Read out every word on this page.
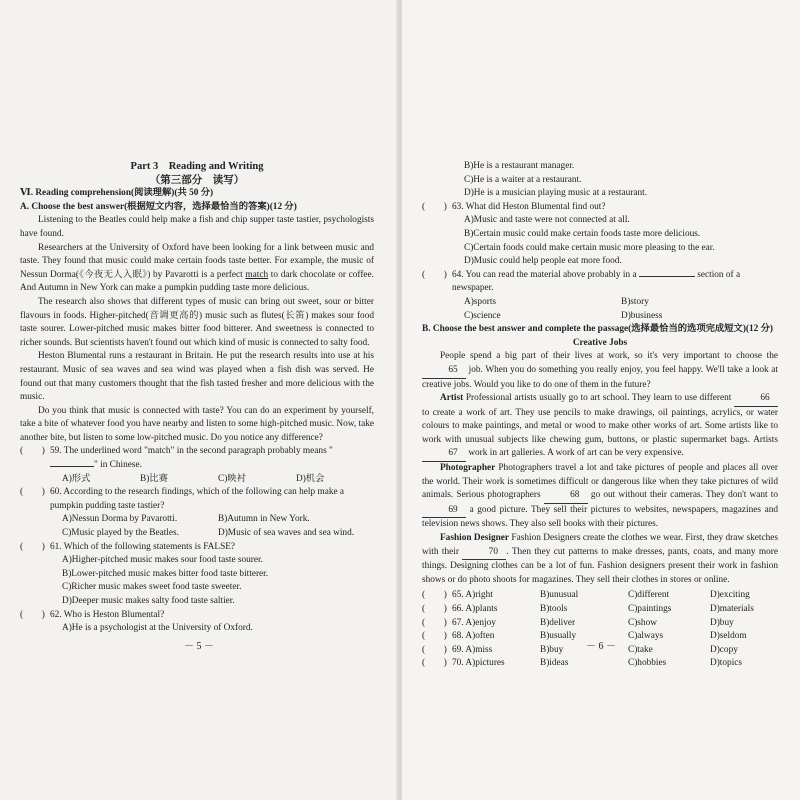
Part 3　Reading and Writing

（第三部分　读写）

Ⅵ. Reading comprehension(阅读理解)(共 50 分)

A. Choose the best answer(根据短文内容，选择最恰当的答案)(12 分)

Listening to the Beatles could help make a fish and chip supper taste tastier, psychologists have found.

Researchers at the University of Oxford have been looking for a link between music and taste. They found that music could make certain foods taste better. For example, the music of Nessun Dorma(《今夜无人入眠》) by Pavarotti is a perfect match to dark chocolate or coffee. And Autumn in New York can make a pumpkin pudding taste more delicious.

The research also shows that different types of music can bring out sweet, sour or bitter flavours in foods. Higher-pitched(音调更高的) music such as flutes(长笛) makes sour food taste sourer. Lower-pitched music makes bitter food bitterer. And sweetness is connected to richer sounds. But scientists haven't found out which kind of music is connected to salty food.

Heston Blumental runs a restaurant in Britain. He put the research results into use at his restaurant. Music of sea waves and sea wind was played when a fish dish was served. He found out that many customers thought that the fish tasted fresher and more delicious with the music.

Do you think that music is connected with taste? You can do an experiment by yourself, take a bite of whatever food you have nearby and listen to some high-pitched music. Now, take another bite, but listen to some low-pitched music. Do you notice any difference?

(　　) 59. The underlined word "match" in the second paragraph probably means "" in Chinese.
A)形式	B)比赛	C)映衬	D)机会
(　　) 60. According to the research findings, which of the following can help make a pumpkin pudding taste tastier?
A)Nessun Dorma by Pavarotti.	B)Autumn in New York.
C)Music played by the Beatles.	D)Music of sea waves and sea wind.
(　　) 61. Which of the following statements is FALSE?

A)Higher-pitched music makes sour food taste sourer.

B)Lower-pitched music makes bitter food taste bitterer.

C)Richer music makes sweet food taste sweeter.

D)Deeper music makes salty food taste saltier.

(　　) 62. Who is Heston Blumental?

A)He is a psychologist at the University of Oxford.

－ 5 －

B)He is a restaurant manager.

C)He is a waiter at a restaurant.

D)He is a musician playing music at a restaurant.

(　　) 63. What did Heston Blumental find out?

A)Music and taste were not connected at all.

B)Certain music could make certain foods taste more delicious.

C)Certain foods could make certain music more pleasing to the ear.

D)Music could help people eat more food.

(　　) 64. You can read the material above probably in a	section of a newspaper.
A)sports	B)story
C)science	D)business

B. Choose the best answer and complete the passage(选择最恰当的选项完成短文)(12 分)

Creative Jobs

People spend a big part of their lives at work, so it's very important to choose the 65 job. When you do something you really enjoy, you feel happy. We'll take a look at creative jobs. Would you like to do one of them in the future?

Artist Professional artists usually go to art school. They learn to use different	66 to create a work of art. They use pencils to make drawings, oil paintings, acrylics, or water colours to make paintings, and metal or wood to make other works of art. Some artists like to work with unusual subjects like chewing gum, buttons, or plastic supermarket bags. Artists 67 work in art galleries. A work of art can be very expensive.

Photographer Photographers travel a lot and take pictures of people and places all over the world. Their work is sometimes difficult or dangerous like when they take pictures of wild animals. Serious photographers	68 go out without their cameras. They don't want to 69 a good picture. They sell their pictures to websites, newspapers, magazines and television news shows. They also sell books with their pictures.

Fashion Designer Fashion Designers create the clothes we wear. First, they draw sketches with their	70 . Then they cut patterns to make dresses, pants, coats, and many more things. Designing clothes can be a lot of fun. Fashion designers present their work in fashion shows or do photo shoots for magazines. They sell their clothes in stores or online.

(　　) 65. A)right	B)unusual	C)different	D)exciting
(　　) 66. A)plants	B)tools	C)paintings	D)materials
(　　) 67. A)enjoy	B)deliver	C)show	D)buy
(　　) 68. A)often	B)usually	C)always	D)seldom
(　　) 69. A)miss	B)buy	C)take	D)copy
(　　) 70. A)pictures	B)ideas	C)hobbies	D)topics
－ 6 －
